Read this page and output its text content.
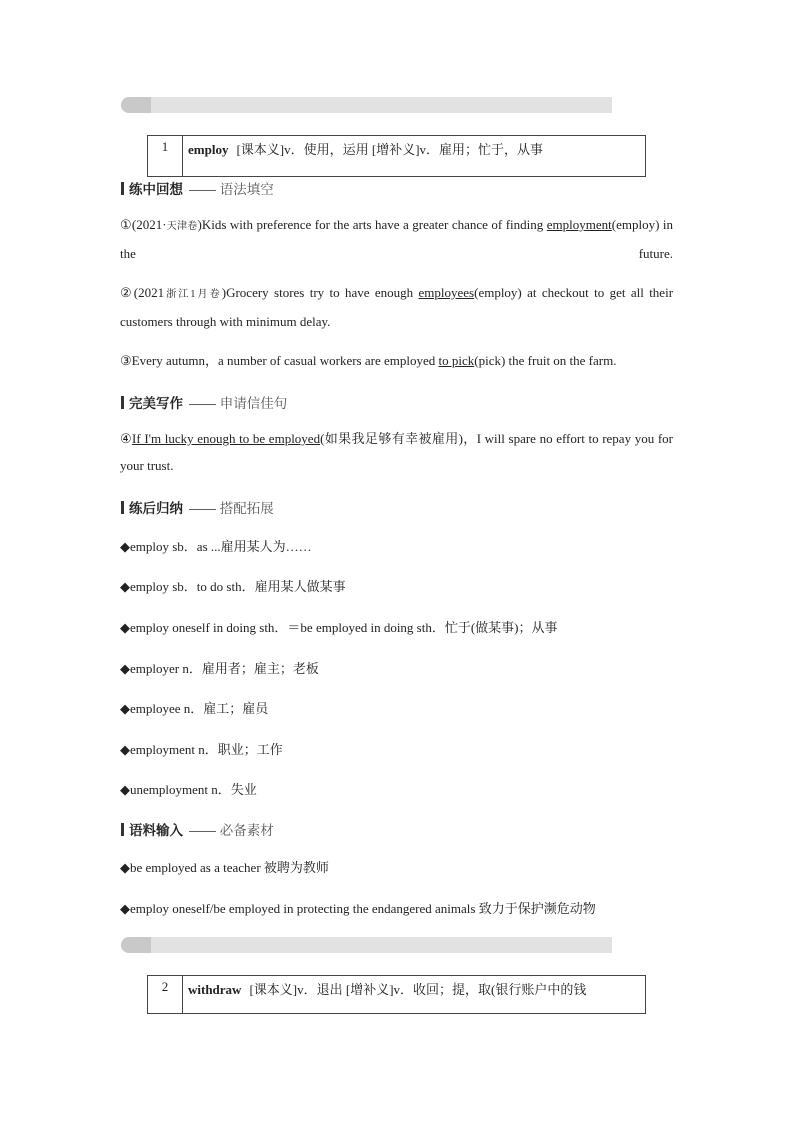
1	employ [课本义]v．使用，运用 [增补义]v．雇用；忙于，从事
练中回想 —— 语法填空
①(2021·天津卷)Kids with preference for the arts have a greater chance of finding employment(employ) in the future.
②(2021浙江1月卷)Grocery stores try to have enough employees(employ) at checkout to get all their customers through with minimum delay.
③Every autumn，a number of casual workers are employed to pick(pick) the fruit on the farm.
完美写作 —— 申请信佳句
④If I'm lucky enough to be employed(如果我足够有幸被雇用)，I will spare no effort to repay you for your trust.
练后归纳 —— 搭配拓展
◆employ sb．as ...雇用某人为……
◆employ sb．to do sth．雇用某人做某事
◆employ oneself in doing sth．＝be employed in doing sth．忙于(做某事)；从事
◆employer n．雇用者；雇主；老板
◆employee n．雇工；雇员
◆employment n．职业；工作
◆unemployment n．失业
语料输入 —— 必备素材
◆be employed as a teacher 被聘为教师
◆employ oneself/be employed in protecting the endangered animals 致力于保护濒危动物
2	withdraw [课本义]v．退出 [增补义]v．收回；提，取(银行账户中的钱
